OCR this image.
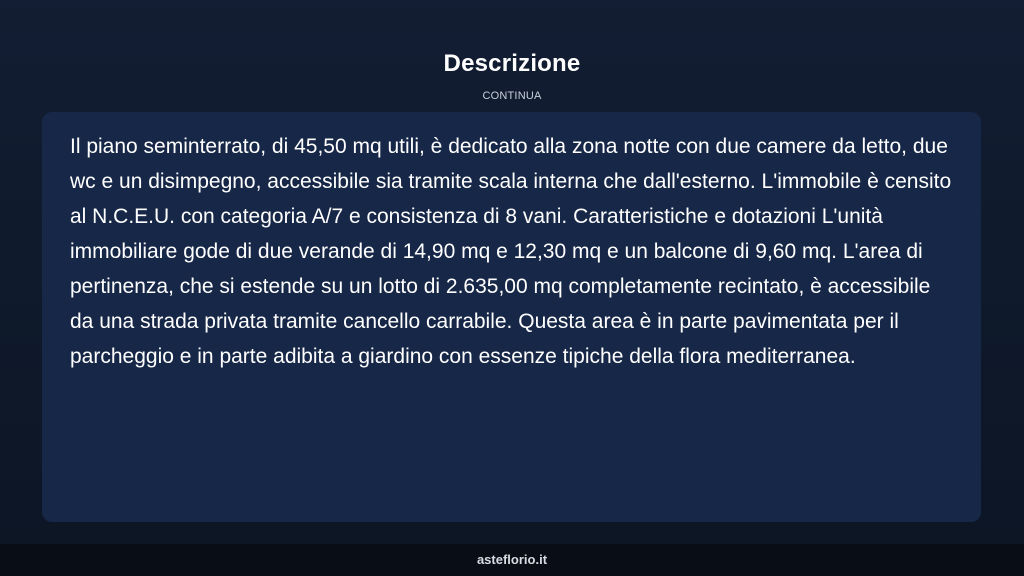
Descrizione
CONTINUA

Il piano seminterrato, di 45,50 mq utili, è dedicato alla zona notte con due camere da letto, due wc e un disimpegno, accessibile sia tramite scala interna che dall'esterno. L'immobile è censito al N.C.E.U. con categoria A/7 e consistenza di 8 vani. Caratteristiche e dotazioni L'unità immobiliare gode di due verande di 14,90 mq e 12,30 mq e un balcone di 9,60 mq. L'area di pertinenza, che si estende su un lotto di 2.635,00 mq completamente recintato, è accessibile da una strada privata tramite cancello carrabile. Questa area è in parte pavimentata per il parcheggio e in parte adibita a giardino con essenze tipiche della flora mediterranea.

asteflorio.it
